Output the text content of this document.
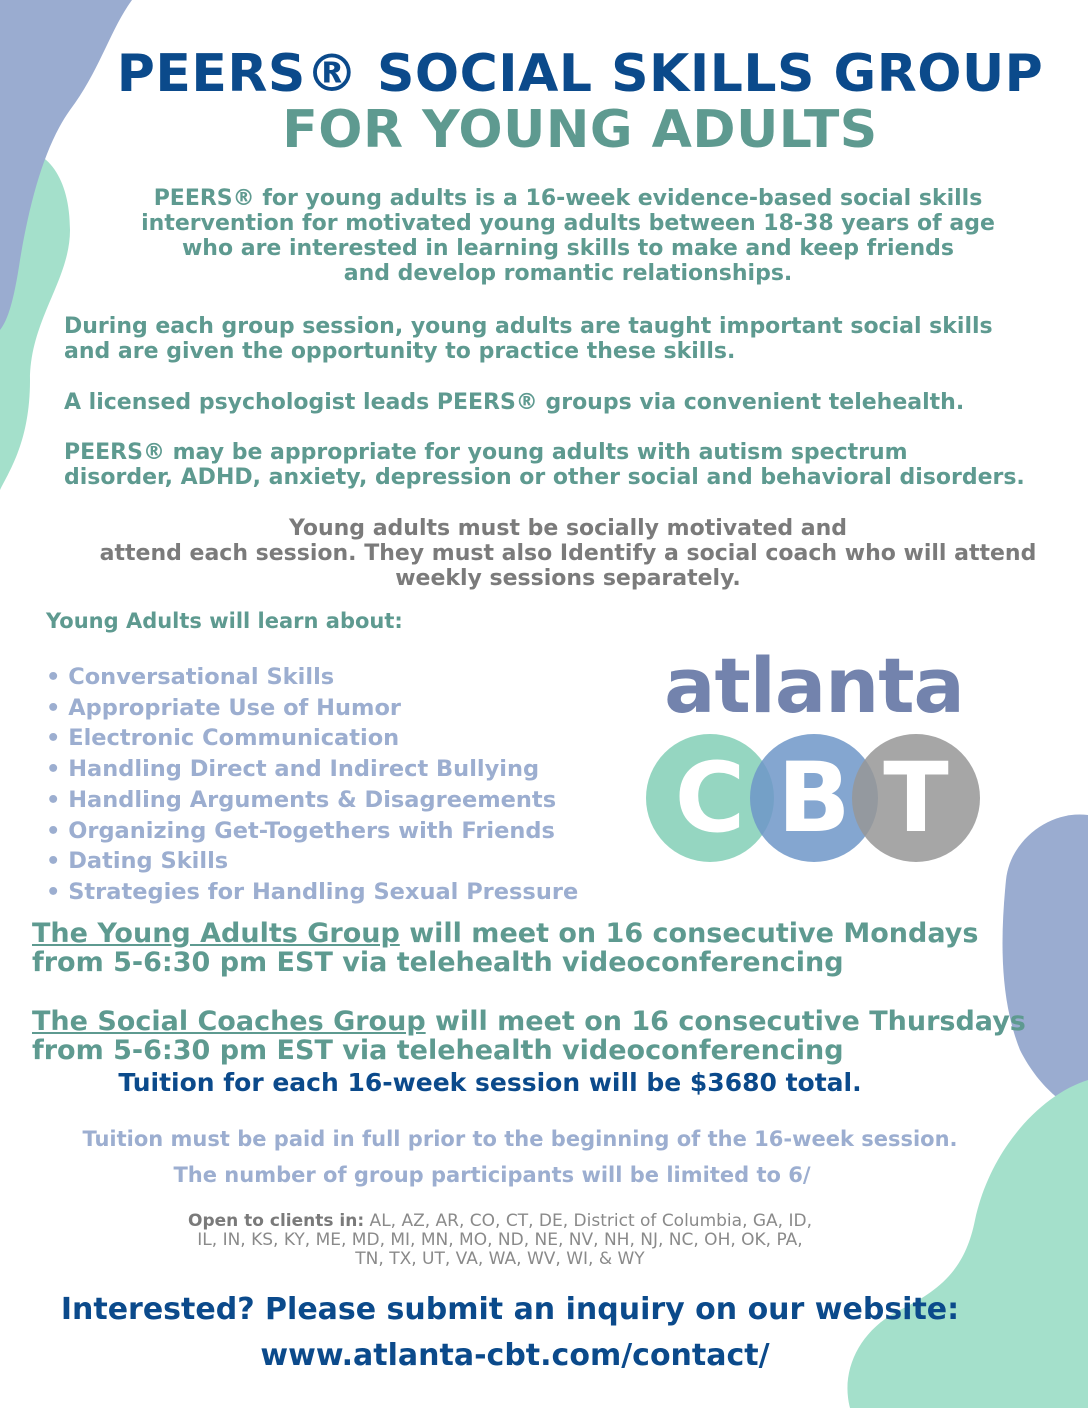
PEERS® SOCIAL SKILLS GROUP
FOR YOUNG ADULTS
PEERS® for young adults is a 16-week evidence-based social skills
intervention for motivated young adults between 18-38 years of age
who are interested in learning skills to make and keep friends
and develop romantic relationships.
During each group session, young adults are taught important social skills
and are given the opportunity to practice these skills.
A licensed psychologist leads PEERS® groups via convenient telehealth.
PEERS® may be appropriate for young adults with autism spectrum
disorder, ADHD, anxiety, depression or other social and behavioral disorders.
Young adults must be socially motivated and
attend each session. They must also Identify a social coach who will attend
weekly sessions separately.
Young Adults will learn about:
• Conversational Skills
• Appropriate Use of Humor
• Electronic Communication
• Handling Direct and Indirect Bullying
• Handling Arguments & Disagreements
• Organizing Get-Togethers with Friends
• Dating Skills
• Strategies for Handling Sexual Pressure
atlanta
C B T
The Young Adults Group will meet on 16 consecutive Mondays
from 5-6:30 pm EST via telehealth videoconferencing
The Social Coaches Group will meet on 16 consecutive Thursdays
from 5-6:30 pm EST via telehealth videoconferencing
Tuition for each 16-week session will be $3680 total.
Tuition must be paid in full prior to the beginning of the 16-week session.
The number of group participants will be limited to 6/
Open to clients in: AL, AZ, AR, CO, CT, DE, District of Columbia, GA, ID,
IL, IN, KS, KY, ME, MD, MI, MN, MO, ND, NE, NV, NH, NJ, NC, OH, OK, PA,
TN, TX, UT, VA, WA, WV, WI, & WY
Interested? Please submit an inquiry on our website:
www.atlanta-cbt.com/contact/
